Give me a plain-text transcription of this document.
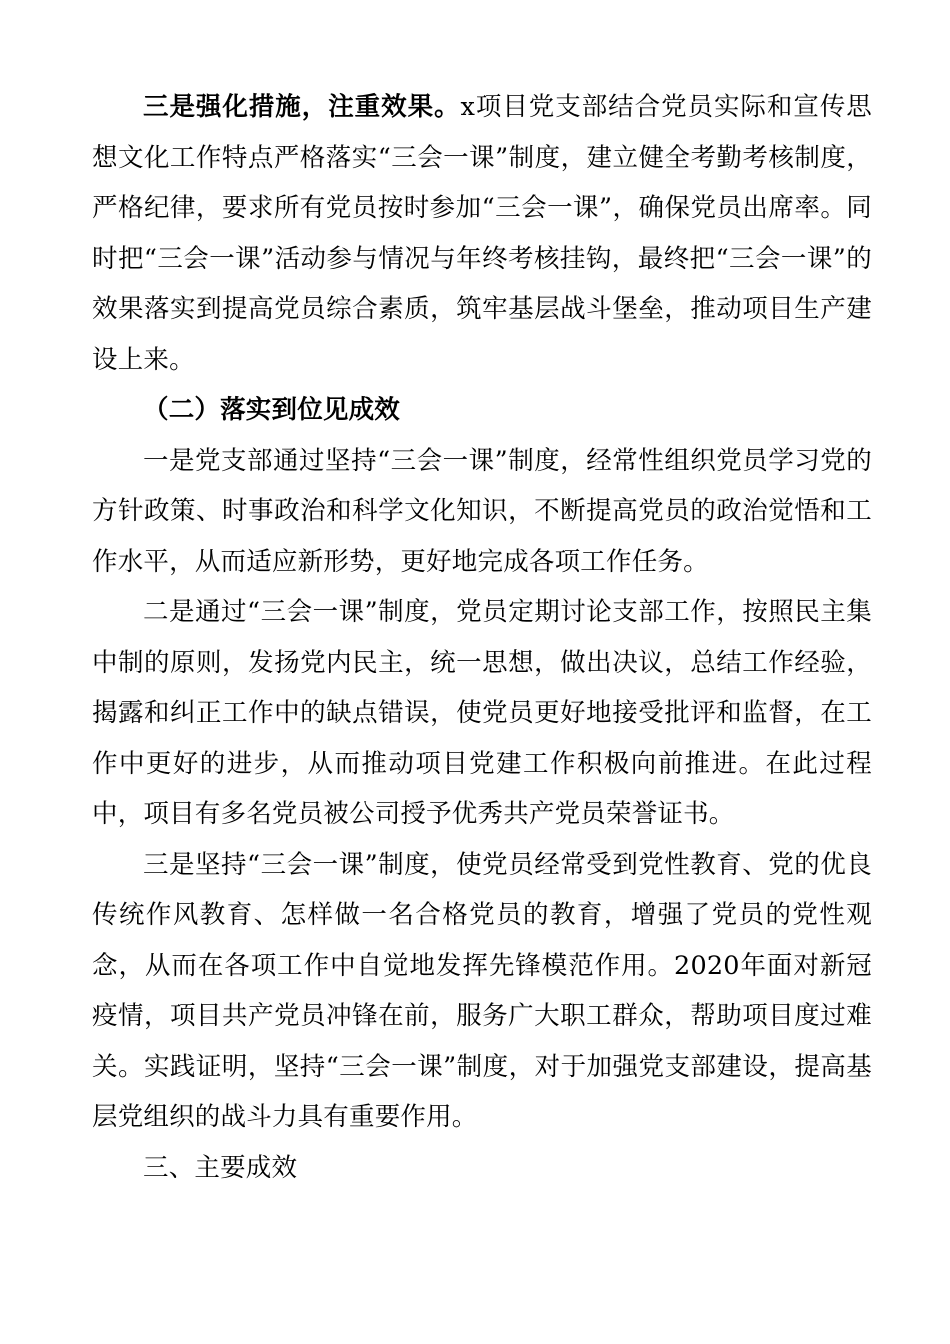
三是强化措施，注重效果。x项目党支部结合党员实际和宣传思想文化工作特点严格落实“三会一课”制度，建立健全考勤考核制度，严格纪律，要求所有党员按时参加“三会一课”，确保党员出席率。同时把“三会一课”活动参与情况与年终考核挂钩，最终把“三会一课”的效果落实到提高党员综合素质，筑牢基层战斗堡垒，推动项目生产建设上来。

（二）落实到位见成效

一是党支部通过坚持“三会一课”制度，经常性组织党员学习党的方针政策、时事政治和科学文化知识，不断提高党员的政治觉悟和工作水平，从而适应新形势，更好地完成各项工作任务。

二是通过“三会一课”制度，党员定期讨论支部工作，按照民主集中制的原则，发扬党内民主，统一思想，做出决议，总结工作经验，揭露和纠正工作中的缺点错误，使党员更好地接受批评和监督，在工作中更好的进步，从而推动项目党建工作积极向前推进。在此过程中，项目有多名党员被公司授予优秀共产党员荣誉证书。

三是坚持“三会一课”制度，使党员经常受到党性教育、党的优良传统作风教育、怎样做一名合格党员的教育，增强了党员的党性观念，从而在各项工作中自觉地发挥先锋模范作用。2020年面对新冠疫情，项目共产党员冲锋在前，服务广大职工群众，帮助项目度过难关。实践证明，坚持“三会一课”制度，对于加强党支部建设，提高基层党组织的战斗力具有重要作用。

三、主要成效
